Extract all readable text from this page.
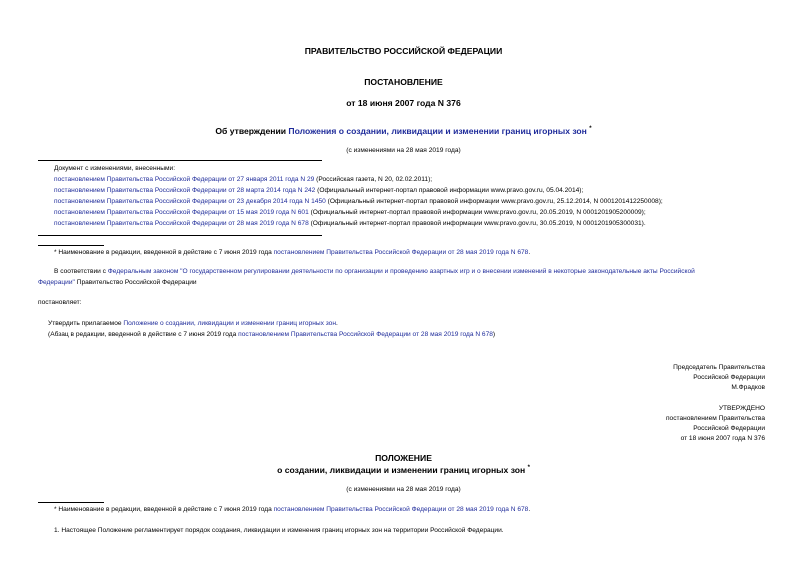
ПРАВИТЕЛЬСТВО РОССИЙСКОЙ ФЕДЕРАЦИИ
ПОСТАНОВЛЕНИЕ
от 18 июня 2007 года N 376
Об утверждении Положения о создании, ликвидации и изменении границ игорных зон *
(с изменениями на 28 мая 2019 года)
Документ с изменениями, внесенными:
постановлением Правительства Российской Федерации от 27 января 2011 года N 29 (Российская газета, N 20, 02.02.2011);
постановлением Правительства Российской Федерации от 28 марта 2014 года N 242 (Официальный интернет-портал правовой информации www.pravo.gov.ru, 05.04.2014);
постановлением Правительства Российской Федерации от 23 декабря 2014 года N 1450 (Официальный интернет-портал правовой информации www.pravo.gov.ru, 25.12.2014, N 0001201412250008);
постановлением Правительства Российской Федерации от 15 мая 2019 года N 601 (Официальный интернет-портал правовой информации www.pravo.gov.ru, 20.05.2019, N 0001201905200009);
постановлением Правительства Российской Федерации от 28 мая 2019 года N 678 (Официальный интернет-портал правовой информации www.pravo.gov.ru, 30.05.2019, N 0001201905300031).
* Наименование в редакции, введенной в действие с 7 июня 2019 года постановлением Правительства Российской Федерации от 28 мая 2019 года N 678.
В соответствии с Федеральным законом "О государственном регулировании деятельности по организации и проведению азартных игр и о внесении изменений в некоторые законодательные акты Российской
Федерации" Правительство Российской Федерации
постановляет:
Утвердить прилагаемое Положение о создании, ликвидации и изменении границ игорных зон.
(Абзац в редакции, введенной в действие с 7 июня 2019 года постановлением Правительства Российской Федерации от 28 мая 2019 года N 678)
Председатель Правительства
Российской Федерации
М.Фрадков
УТВЕРЖДЕНО
постановлением Правительства
Российской Федерации
от 18 июня 2007 года N 376
ПОЛОЖЕНИЕ
о создании, ликвидации и изменении границ игорных зон *
(с изменениями на 28 мая 2019 года)
* Наименование в редакции, введенной в действие с 7 июня 2019 года постановлением Правительства Российской Федерации от 28 мая 2019 года N 678.
1. Настоящее Положение регламентирует порядок создания, ликвидации и изменения границ игорных зон на территории Российской Федерации.
